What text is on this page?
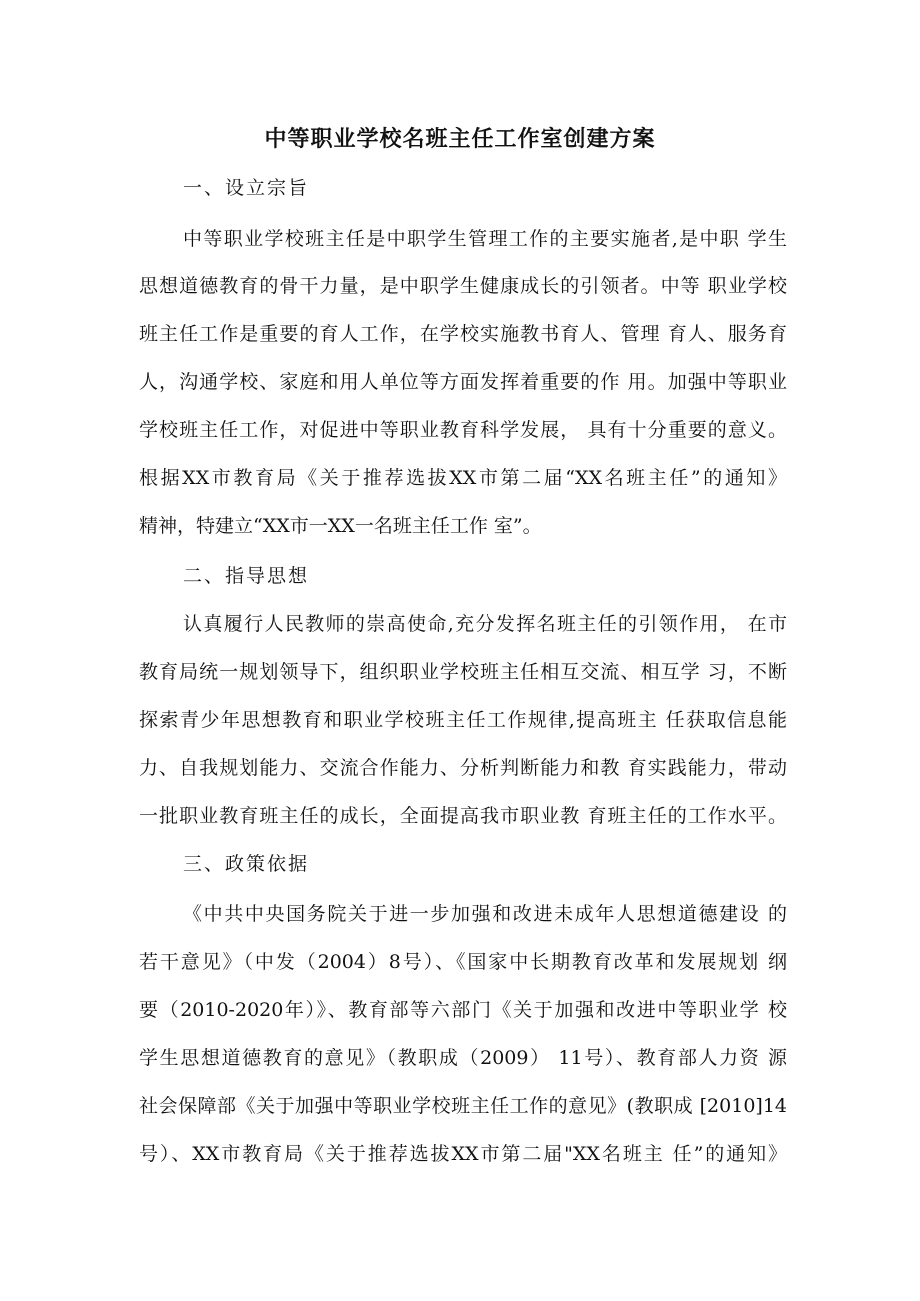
中等职业学校名班主任工作室创建方案
一、设立宗旨
中等职业学校班主任是中职学生管理工作的主要实施者,是中职 学生
思想道德教育的骨干力量，是中职学生健康成长的引领者。中等 职业学校
班主任工作是重要的育人工作，在学校实施教书育人、管理 育人、服务育
人，沟通学校、家庭和用人单位等方面发挥着重要的作 用。加强中等职业
学校班主任工作，对促进中等职业教育科学发展， 具有十分重要的意义。
根据XX市教育局《关于推荐选拔XX市第二届“XX名班主任”的通知》
精神，特建立“XX市一XX一名班主任工作 室”。
二、指导思想
认真履行人民教师的崇高使命,充分发挥名班主任的引领作用， 在市
教育局统一规划领导下，组织职业学校班主任相互交流、相互学 习，不断
探索青少年思想教育和职业学校班主任工作规律,提高班主 任获取信息能
力、自我规划能力、交流合作能力、分析判断能力和教 育实践能力，带动
一批职业教育班主任的成长，全面提高我市职业教 育班主任的工作水平。
三、政策依据
《中共中央国务院关于进一步加强和改进未成年人思想道德建设 的
若干意见》（中发（2004）8号）、《国家中长期教育改革和发展规划 纲
要（2010-2020年）》、教育部等六部门《关于加强和改进中等职业学 校
学生思想道德教育的意见》（教职成（2009） 11号）、教育部人力资 源
社会保障部《关于加强中等职业学校班主任工作的意见》(教职成 [2010]14
号）、XX市教育局《关于推荐选拔XX市第二届"XX名班主 任”的通知》
